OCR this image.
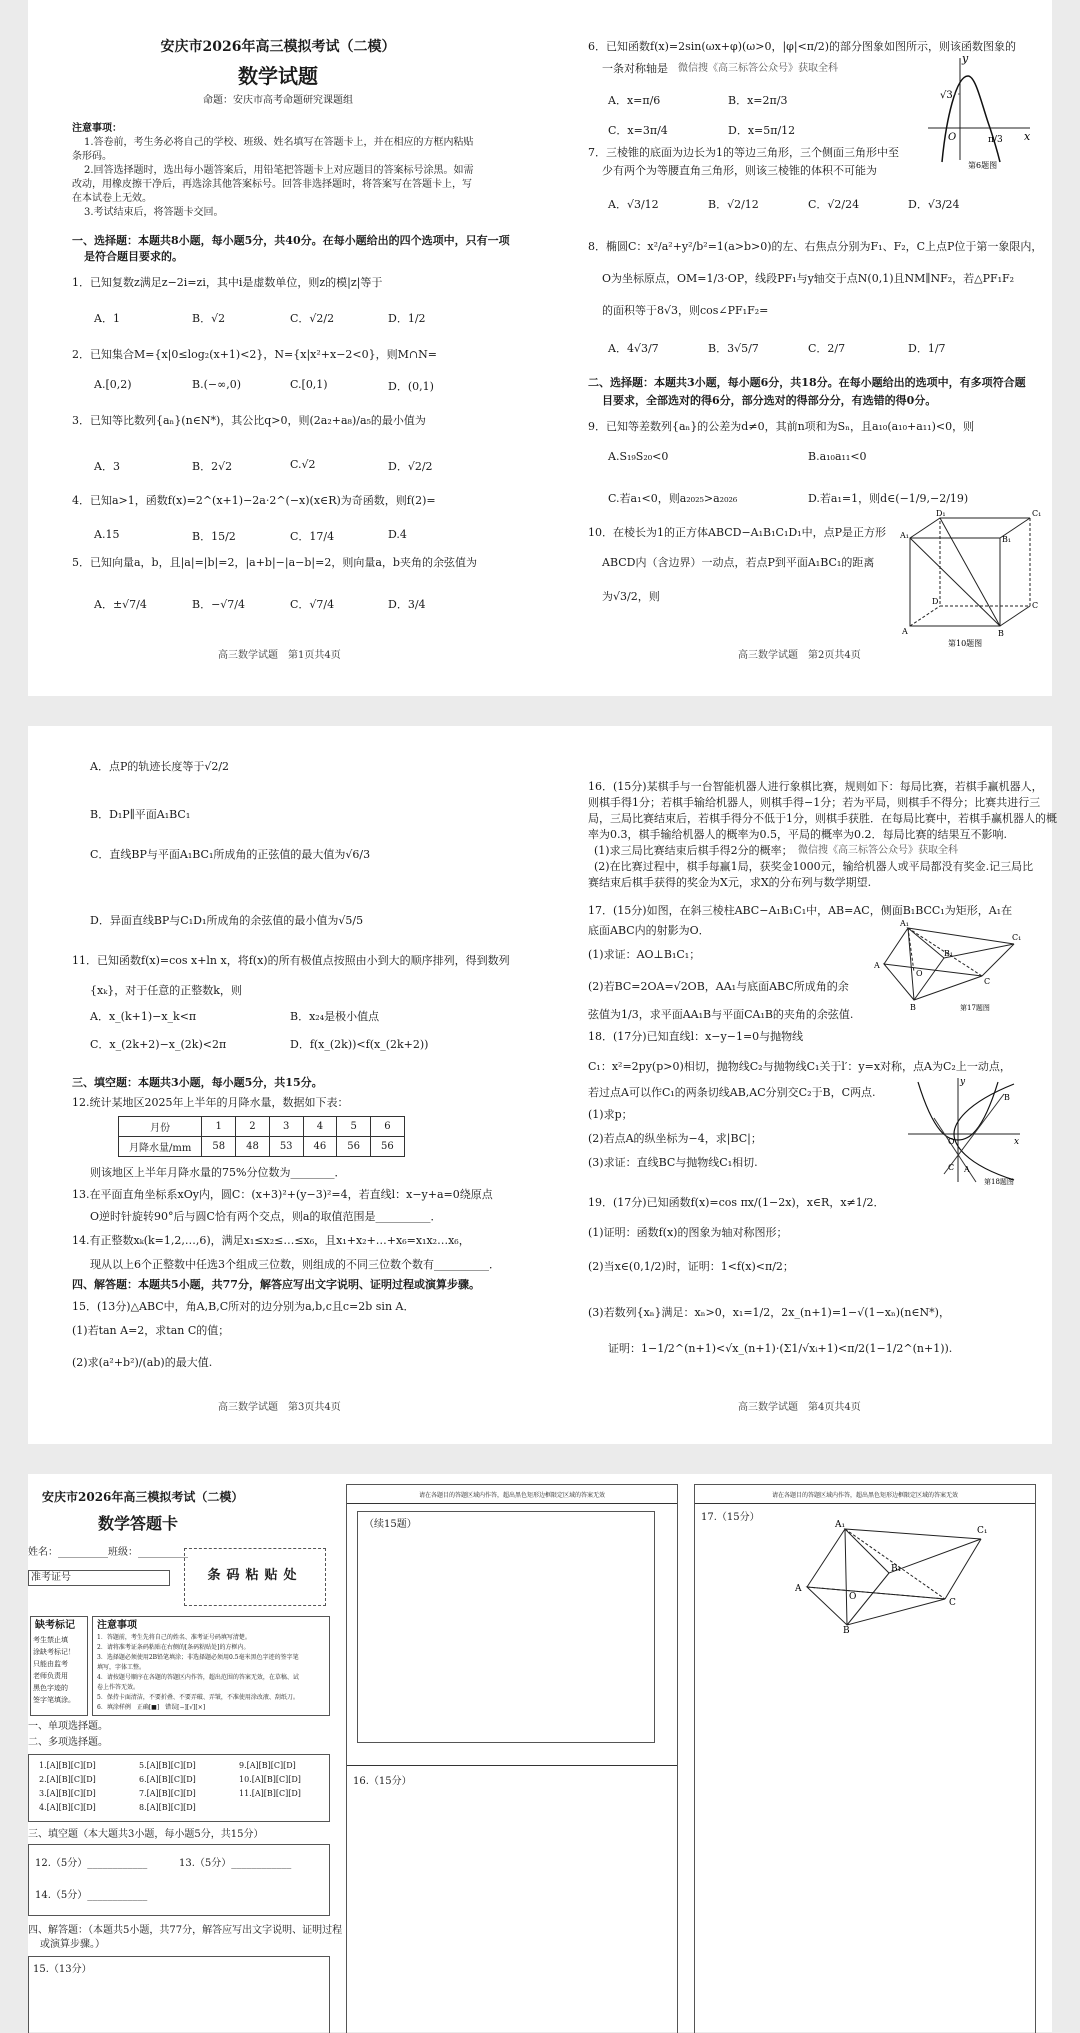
安庆市2026年高三模拟考试（二模）
数学试题
命题：安庆市高考命题研究课题组
注意事项：
1.答卷前，考生务必将自己的学校、班级、姓名填写在答题卡上，并在相应的方框内粘贴
条形码。
2.回答选择题时，选出每小题答案后，用铅笔把答题卡上对应题目的答案标号涂黑。如需
改动，用橡皮擦干净后，再选涂其他答案标号。回答非选择题时，将答案写在答题卡上，写
在本试卷上无效。
3.考试结束后，将答题卡交回。
一、选择题：本题共8小题，每小题5分，共40分。在每小题给出的四个选项中，只有一项
是符合题目要求的。
1．已知复数z满足z−2i=zi，其中i是虚数单位，则z的模|z|等于
A．1	B．√2	C．√2/2	D．1/2
2．已知集合M={x|0≤log₂(x+1)<2}，N={x|x²+x−2<0}，则M∩N=
A.[0,2)	B.(−∞,0)	C.[0,1)	D．(0,1)
3．已知等比数列{aₙ}(n∈N*)，其公比q>0，则(2a₂+a₈)/a₅的最小值为
A．3	B．2√2	C.√2	D．√2/2
4．已知a>1，函数f(x)=2^(x+1)−2a·2^(−x)(x∈R)为奇函数，则f(2)=
A.15	B．15/2	C．17/4	D.4
5．已知向量a，b，且|a|=|b|=2，|a+b|−|a−b|=2，则向量a，b夹角的余弦值为
A．±√7/4	B．−√7/4	C．√7/4	D．3/4
高三数学试题　第1页共4页
6．已知函数f(x)=2sin(ωx+φ)(ω>0，|φ|<π/2)的部分图象如图所示，则该函数图象的
一条对称轴是 微信搜《高三标答公众号》获取全科
A．x=π/6	B．x=2π/3
C．x=3π/4	D．x=5π/12
y
√3
O	π/3 x
第6题图
7．三棱锥的底面为边长为1的等边三角形，三个侧面三角形中至
少有两个为等腰直角三角形，则该三棱锥的体积不可能为
A．√3/12	B．√2/12	C．√2/24	D．√3/24
8．椭圆C：x²/a²+y²/b²=1(a>b>0)的左、右焦点分别为F₁、F₂，C上点P位于第一象限内，
O为坐标原点，OM=1/3·OP，线段PF₁与y轴交于点N(0,1)且NM∥NF₂，若△PF₁F₂
的面积等于8√3，则cos∠PF₁F₂=
A．4√3/7	B．3√5/7	C．2/7	D．1/7
二、选择题：本题共3小题，每小题6分，共18分。在每小题给出的选项中，有多项符合题
目要求，全部选对的得6分，部分选对的得部分分，有选错的得0分。
9．已知等差数列{aₙ}的公差为d≠0，其前n项和为Sₙ，且a₁₀(a₁₀+a₁₁)<0，则
A.S₁₉S₂₀<0	B.a₁₀a₁₁<0
C.若a₁<0，则a₂₀₂₅>a₂₀₂₆	D.若a₁=1，则d∈(−1/9,−2/19)
10．在棱长为1的正方体ABCD−A₁B₁C₁D₁中，点P是正方形
ABCD内（含边界）一动点，若点P到平面A₁BC₁的距离
为√3/2，则
D₁	C₁
A₁	B₁
D	C
A	B
第10题图
高三数学试题　第2页共4页
A．点P的轨迹长度等于√2/2
B．D₁P∥平面A₁BC₁
C．直线BP与平面A₁BC₁所成角的正弦值的最大值为√6/3
D．异面直线BP与C₁D₁所成角的余弦值的最小值为√5/5
11．已知函数f(x)=cos x+ln x，将f(x)的所有极值点按照由小到大的顺序排列，得到数列
{xₖ}，对于任意的正整数k，则
A．x_(k+1)−x_k<π	B．x₂₄是极小值点
C．x_(2k+2)−x_(2k)<2π	D．f(x_(2k))<f(x_(2k+2))
三、填空题：本题共3小题，每小题5分，共15分。
12.统计某地区2025年上半年的月降水量，数据如下表：
月份	1	2	3	4	5	6
月降水量/mm	58	48	53	46	56	56
则该地区上半年月降水量的75%分位数为________．
13.在平面直角坐标系xOy内，圆C：(x+3)²+(y−3)²=4，若直线l：x−y+a=0绕原点
O逆时针旋转90°后与圆C恰有两个交点，则a的取值范围是__________．
14.有正整数xₖ(k=1,2,…,6)，满足x₁≤x₂≤…≤x₆，且x₁+x₂+…+x₆=x₁x₂…x₆，
现从以上6个正整数中任选3个组成三位数，则组成的不同三位数个数有__________．
四、解答题：本题共5小题，共77分，解答应写出文字说明、证明过程或演算步骤。
15．(13分)△ABC中，角A,B,C所对的边分别为a,b,c且c=2b sin A．
(1)若tan A=2，求tan C的值；
(2)求(a²+b²)/(ab)的最大值.
高三数学试题　第3页共4页
16．(15分)某棋手与一台智能机器人进行象棋比赛，规则如下：每局比赛，若棋手赢机器人，
则棋手得1分；若棋手输给机器人，则棋手得−1分；若为平局，则棋手不得分；比赛共进行三
局，三局比赛结束后，若棋手得分不低于1分，则棋手获胜．在每局比赛中，若棋手赢机器人的概
率为0.3，棋手输给机器人的概率为0.5，平局的概率为0.2．每局比赛的结果互不影响.
(1)求三局比赛结束后棋手得2分的概率； 微信搜《高三标答公众号》获取全科
(2)在比赛过程中，棋手每赢1局，获奖金1000元，输给机器人或平局都没有奖金.记三局比
赛结束后棋手获得的奖金为X元，求X的分布列与数学期望.
17．(15分)如图，在斜三棱柱ABC−A₁B₁C₁中，AB=AC，侧面B₁BCC₁为矩形，A₁在
底面ABC内的射影为O．
(1)求证：AO⊥B₁C₁；
(2)若BC=2OA=√2OB，AA₁与底面ABC所成角的余
弦值为1/3，求平面AA₁B与平面CA₁B的夹角的余弦值.
A₁
B₁
C₁
A
O
B
C
第17题图
18．(17分)已知直线l：x−y−1=0与抛物线
C₁：x²=2py(p>0)相切，抛物线C₂与抛物线C₁关于l′：y=x对称，点A为C₂上一动点，
若过点A可以作C₁的两条切线AB,AC分别交C₂于B，C两点.
(1)求p；
(2)若点A的纵坐标为−4，求|BC|；
(3)求证：直线BC与抛物线C₁相切.
y
x
O
A
B
C
第18题图
19．(17分)已知函数f(x)=cos πx/(1−2x)，x∈R，x≠1/2．
(1)证明：函数f(x)的图象为轴对称图形；
(2)当x∈(0,1/2)时，证明：1<f(x)<π/2；
(3)若数列{xₙ}满足：xₙ>0，x₁=1/2，2x_(n+1)=1−√(1−xₙ)(n∈N*)，
证明：1−1/2^(n+1)<√x_(n+1)·(Σ1/√xᵢ+1)<π/2(1−1/2^(n+1)).
高三数学试题　第4页共4页
安庆市2026年高三模拟考试（二模）
数学答题卡
姓名：__________班级：__________
准考证号	条码粘贴处
缺考标记
考生禁止填
涂缺考标记！
只能由监考
老师负责用
黑色字迹的
签字笔填涂。
注意事项
1．答题前，考生先将自己的姓名、准考证号码填写清楚。
2．请将准考证条码粘贴在右侧的[条码粘贴处]的方框内。
3．选择题必须使用2B铅笔填涂；非选择题必须用0.5毫米黑色字迹的签字笔
填写，字体工整。
4．请按题号顺序在各题的答题区内作答，超出范围的答案无效，在草稿、试
卷上作答无效。
5．保持卡面清洁，不要折叠、不要弄破、弄皱，不准使用涂改液、刮纸刀。
6．填涂样例　正确[■]　错误[−][√][×]
一、单项选择题。
二、多项选择题。
1.[A][B][C][D]	5.[A][B][C][D]	9.[A][B][C][D]
2.[A][B][C][D]	6.[A][B][C][D]	10.[A][B][C][D]
3.[A][B][C][D]	7.[A][B][C][D]	11.[A][B][C][D]
4.[A][B][C][D]	8.[A][B][C][D]
三、填空题（本大题共3小题，每小题5分，共15分）
12.（5分）____________	13.（5分）____________
14.（5分）____________
四、解答题：（本题共5小题，共77分，解答应写出文字说明、证明过程
或演算步骤。）
15.（13分）
请在各题目的答题区域内作答，超出黑色矩形边框限定区域的答案无效
（续15题）
16.（15分）
请在各题目的答题区域内作答，超出黑色矩形边框限定区域的答案无效
17.（15分）
A₁
B₁
C₁
A
O
B
C
